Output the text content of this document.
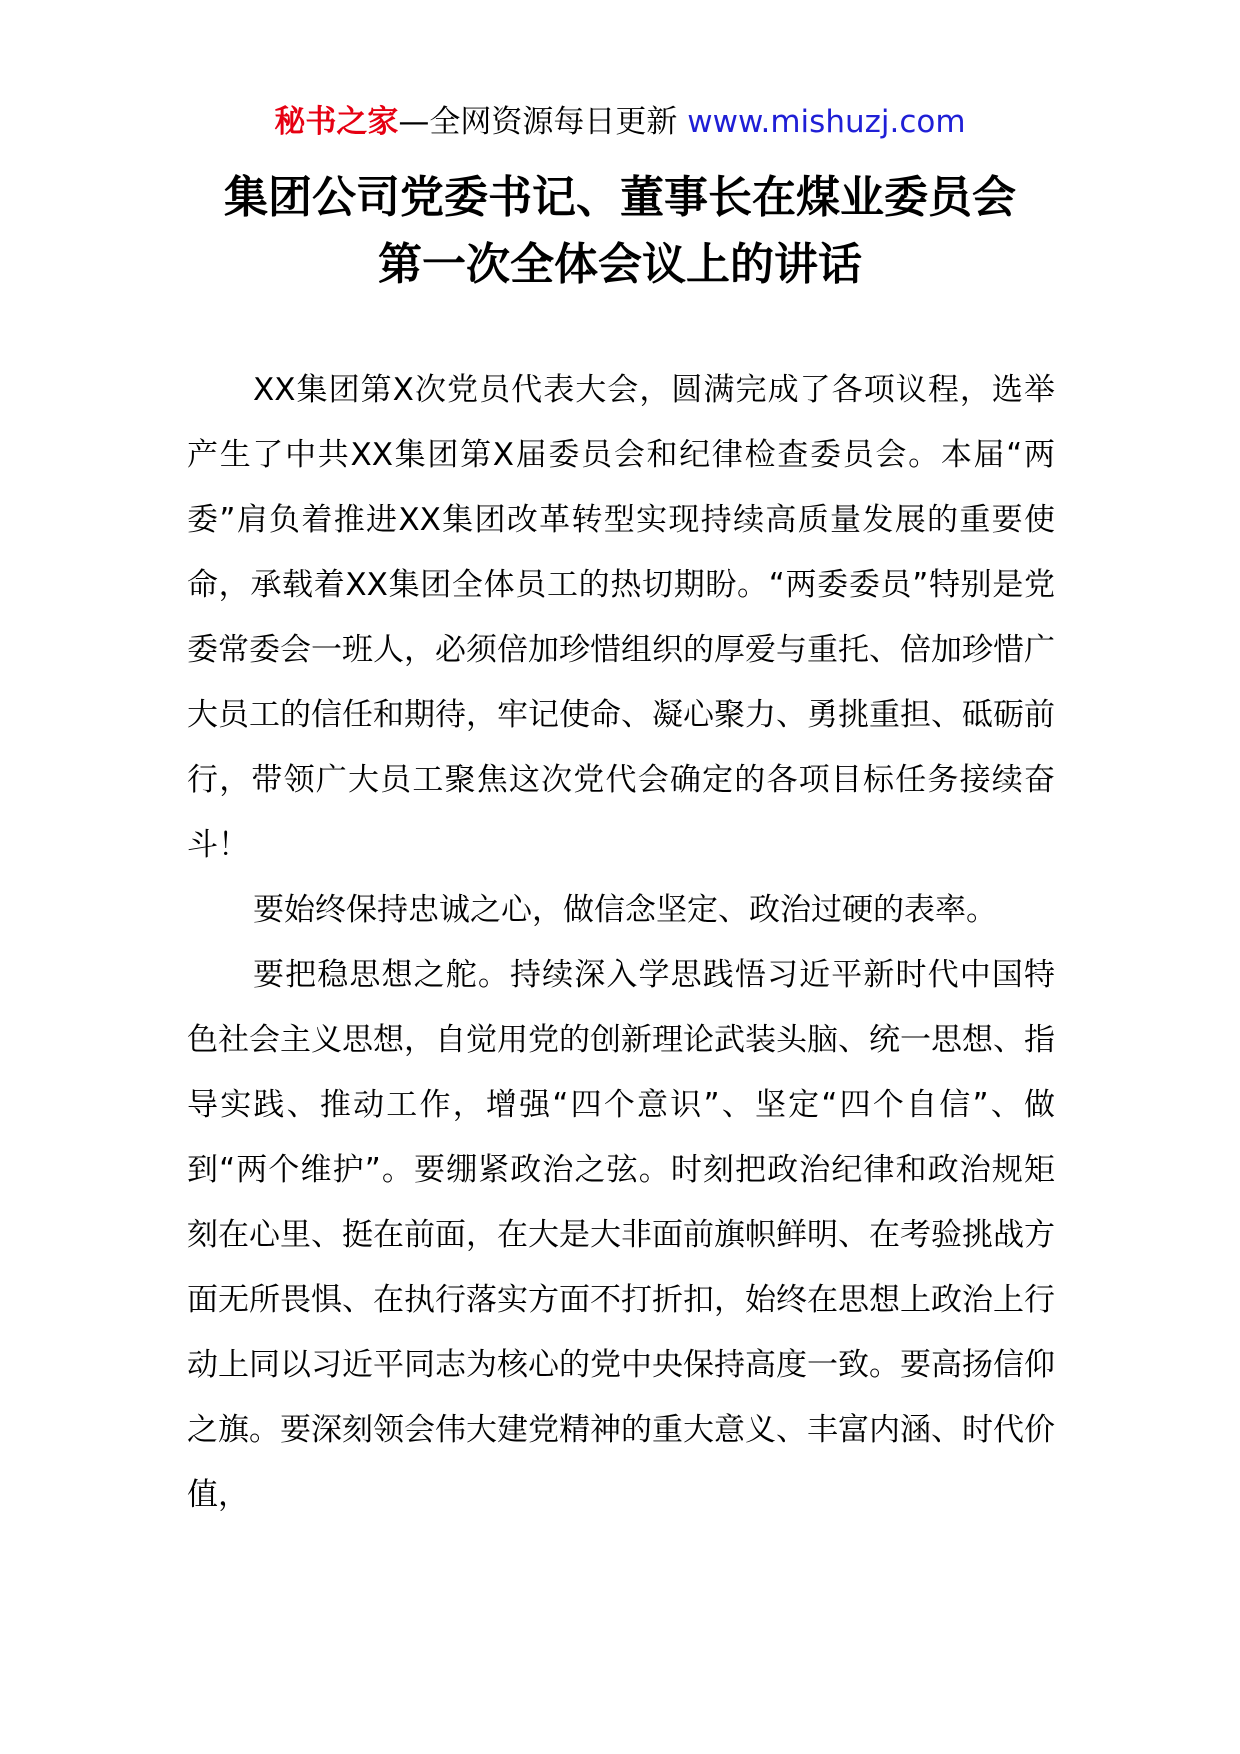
秘书之家—全网资源每日更新 www.mishuzj.com
集团公司党委书记、董事长在煤业委员会
第一次全体会议上的讲话

XX集团第X次党员代表大会，圆满完成了各项议程，选举产生了中共XX集团第X届委员会和纪律检查委员会。本届“两委”肩负着推进XX集团改革转型实现持续高质量发展的重要使命，承载着XX集团全体员工的热切期盼。“两委委员”特别是党委常委会一班人，必须倍加珍惜组织的厚爱与重托、倍加珍惜广大员工的信任和期待，牢记使命、凝心聚力、勇挑重担、砥砺前行，带领广大员工聚焦这次党代会确定的各项目标任务接续奋斗！

要始终保持忠诚之心，做信念坚定、政治过硬的表率。

要把稳思想之舵。持续深入学思践悟习近平新时代中国特色社会主义思想，自觉用党的创新理论武装头脑、统一思想、指导实践、推动工作，增强“四个意识”、坚定“四个自信”、做到“两个维护”。要绷紧政治之弦。时刻把政治纪律和政治规矩刻在心里、挺在前面，在大是大非面前旗帜鲜明、在考验挑战方面无所畏惧、在执行落实方面不打折扣，始终在思想上政治上行动上同以习近平同志为核心的党中央保持高度一致。要高扬信仰之旗。要深刻领会伟大建党精神的重大意义、丰富内涵、时代价值，
